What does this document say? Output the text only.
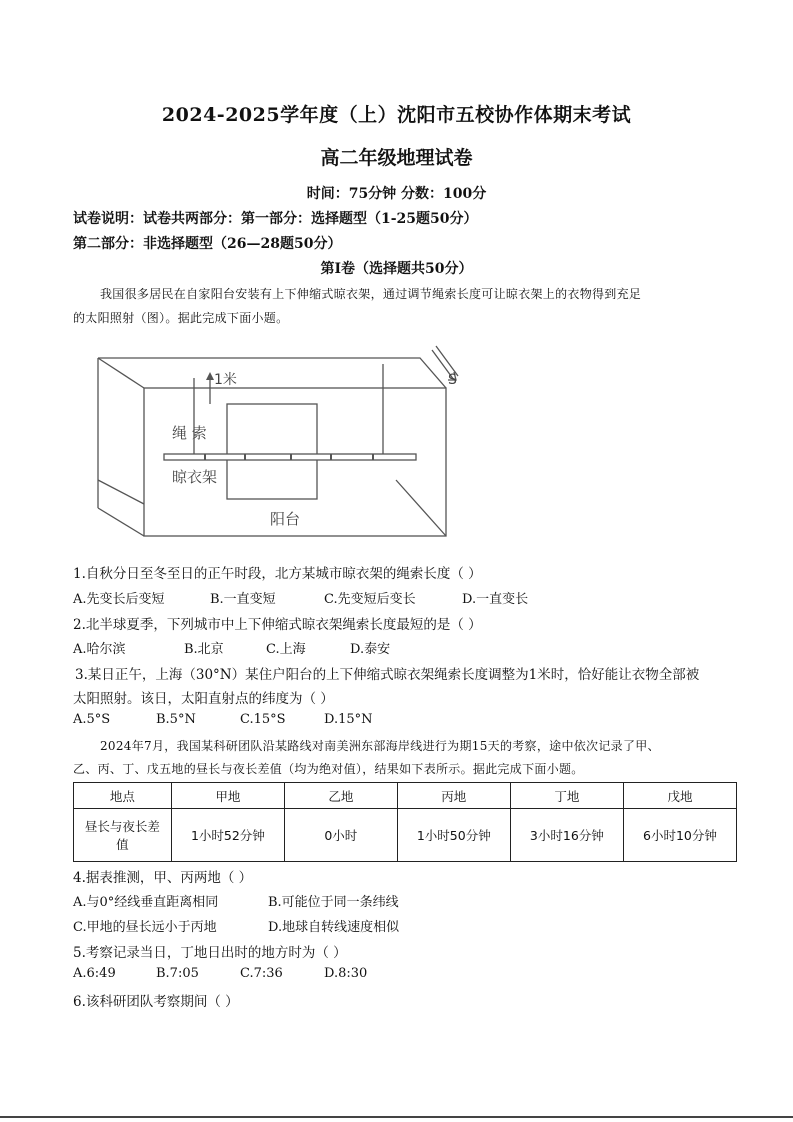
2024-2025学年度（上）沈阳市五校协作体期末考试
高二年级地理试卷
时间：75分钟 分数：100分
试卷说明：试卷共两部分：第一部分：选择题型（1-25题50分）
第二部分：非选择题型（26—28题50分）
第Ⅰ卷（选择题共50分）
我国很多居民在自家阳台安装有上下伸缩式晾衣架，通过调节绳索长度可让晾衣架上的衣物得到充足
的太阳照射（图）。据此完成下面小题。
1米
绳 索
晾衣架
阳台
S
1.自秋分日至冬至日的正午时段，北方某城市晾衣架的绳索长度（ ）
A.先变长后变短	B.一直变短	C.先变短后变长	D.一直变长
2.北半球夏季，下列城市中上下伸缩式晾衣架绳索长度最短的是（ ）
A.哈尔滨	B.北京	C.上海	D.泰安
3.某日正午，上海（30°N）某住户阳台的上下伸缩式晾衣架绳索长度调整为1米时，恰好能让衣物全部被
太阳照射。该日，太阳直射点的纬度为（ ）
A.5°S	B.5°N	C.15°S	D.15°N
2024年7月，我国某科研团队沿某路线对南美洲东部海岸线进行为期15天的考察，途中依次记录了甲、
乙、丙、丁、戊五地的昼长与夜长差值（均为绝对值），结果如下表所示。据此完成下面小题。
地点	甲地	乙地	丙地	丁地	戊地
昼长与夜长差
值	1小时52分钟	0小时	1小时50分钟	3小时16分钟	6小时10分钟
4.据表推测，甲、丙两地（ ）
A.与0°经线垂直距离相同	B.可能位于同一条纬线
C.甲地的昼长远小于丙地	D.地球自转线速度相似
5.考察记录当日，丁地日出时的地方时为（ ）
A.6:49	B.7:05	C.7:36	D.8:30
6.该科研团队考察期间（ ）
